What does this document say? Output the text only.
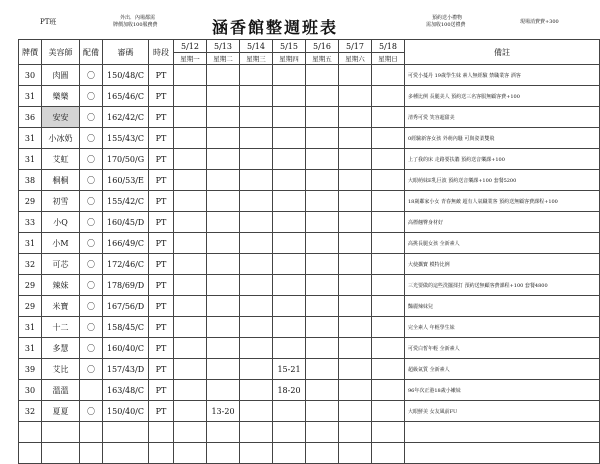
PT班	外出．內場都需
牌價加收100服務費	涵香館整週班表	預約送小禮物
需加收100送禮費	現場消費費+300
牌價	美容師	配備	審碼	時段	5/12	5/13	5/14	5/15	5/16	5/17	5/18	備註
					星期一	星期二	星期三	星期四	星期五	星期六	星期日	
30	肉圓	〇	150/48/C	PT								可愛小蔓丹 19歲學生妹 素人無經驗 禁職業客 酒客
31	樂樂	〇	165/46/C	PT								多種比例 長腿美人 預約送三名客服無顧客費+100
36	安安	〇	162/42/C	PT								清秀可愛 笑容超甜美
31	小冰奶	〇	155/43/C	PT								0經驗新客女孩 外萌內騷 可與姿柔雙飛
31	艾虹	〇	170/50/G	PT								上了我的床 走路要扶牆 預約送音樂課+100
38	桐桐	〇	160/53/E	PT								大眼萌妹E乳巨波 預約送音樂課+100 套餐5200
29	初雪	〇	155/42/C	PT								18歲鄰家小女 青春無敵 超有人氣職業客 預約送無顧客費課程+100
33	小Q	〇	160/45/D	PT								高標翹臀身材好
31	小M	〇	166/49/C	PT								高挑長腿女孩 全新素人
32	可芯	〇	172/46/C	PT								大使攜寶 模特比例
29	辣妹	〇	178/69/D	PT								三光要做的這些洗擺揉打 預約送無顧客費課程+100 套餐4800
29	米寶	〇	167/56/D	PT								豔麗辣妹兒
31	十二	〇	158/45/C	PT								完全素人 年輕學生妹
31	多慧	〇	160/40/C	PT								可愛白皙年輕 全新素人
39	艾比	〇	157/43/D	PT				15-21				超級氣質 全新素人
30	溫溫		163/48/C	PT				18-20				96年次正港18歲小嫩妹
32	夏夏	〇	150/40/C	PT		13-20						大眼鮮美 女友風前FU
